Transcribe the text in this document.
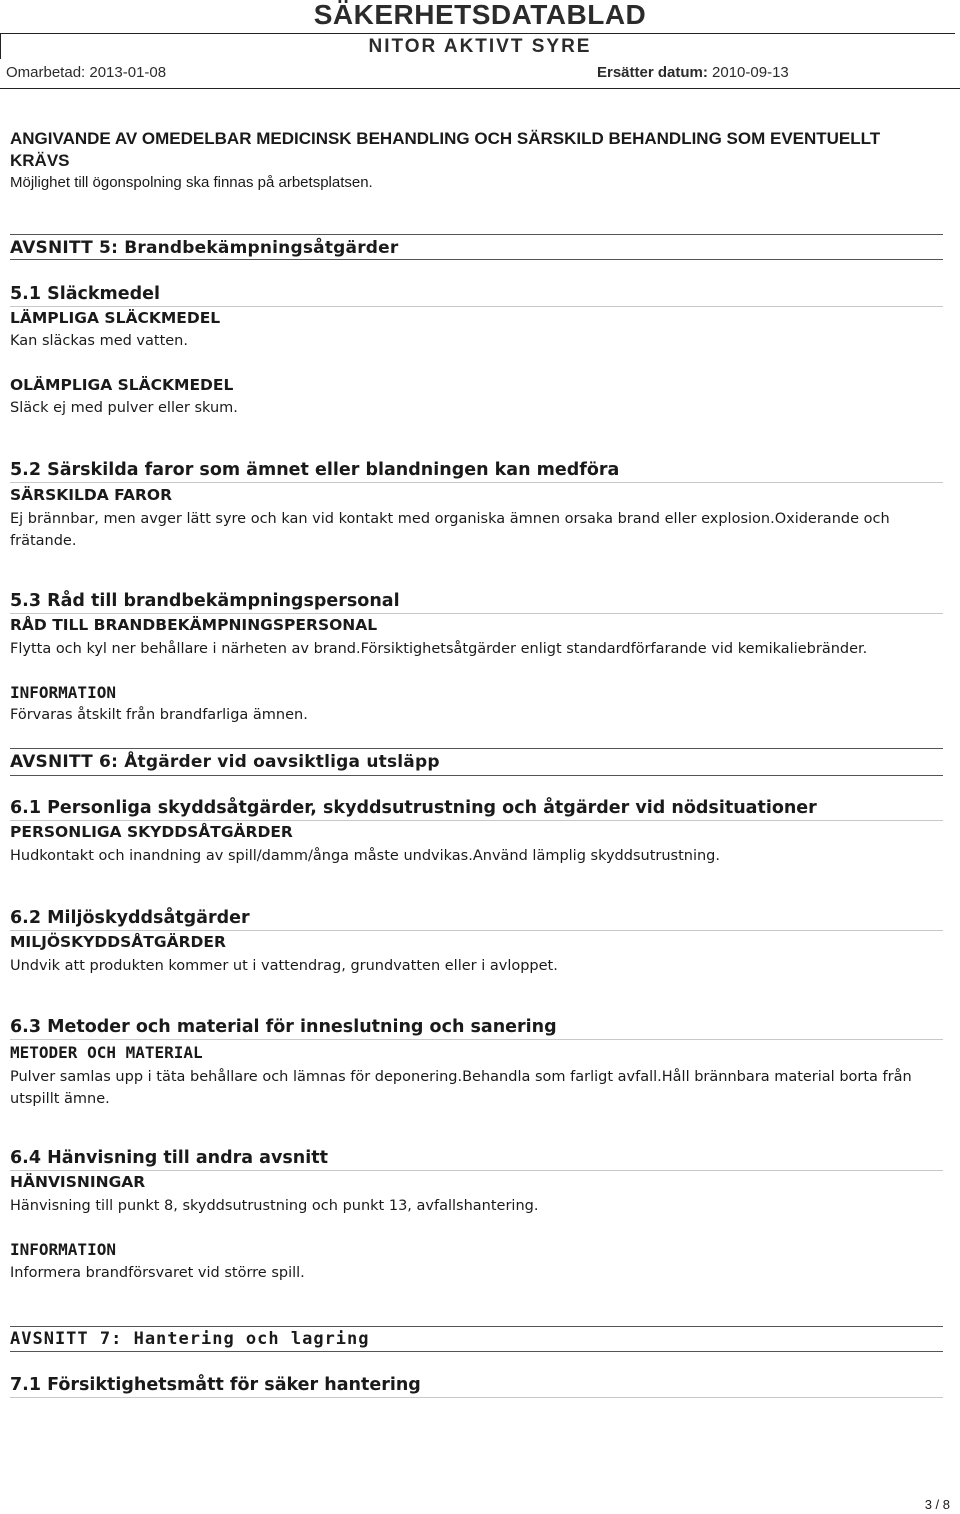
SÄKERHETSDATABLAD
NITOR AKTIVT SYRE
Omarbetad: 2013-01-08	Ersätter datum: 2010-09-13
ANGIVANDE AV OMEDELBAR MEDICINSK BEHANDLING OCH SÄRSKILD BEHANDLING SOM EVENTUELLT KRÄVS
Möjlighet till ögonspolning ska finnas på arbetsplatsen.
AVSNITT 5: Brandbekämpningsåtgärder
5.1 Släckmedel
LÄMPLIGA SLÄCKMEDEL
Kan släckas med vatten.
OLÄMPLIGA SLÄCKMEDEL
Släck ej med pulver eller skum.
5.2 Särskilda faror som ämnet eller blandningen kan medföra
SÄRSKILDA FAROR
Ej brännbar, men avger lätt syre och kan vid kontakt med organiska ämnen orsaka brand eller explosion.Oxiderande och frätande.
5.3 Råd till brandbekämpningspersonal
RÅD TILL BRANDBEKÄMPNINGSPERSONAL
Flytta och kyl ner behållare i närheten av brand.Försiktighetsåtgärder enligt standardförfarande vid kemikaliebränder.
INFORMATION
Förvaras åtskilt från brandfarliga ämnen.
AVSNITT 6: Åtgärder vid oavsiktliga utsläpp
6.1 Personliga skyddsåtgärder, skyddsutrustning och åtgärder vid nödsituationer
PERSONLIGA SKYDDSÅTGÄRDER
Hudkontakt och inandning av spill/damm/ånga måste undvikas.Använd lämplig skyddsutrustning.
6.2 Miljöskyddsåtgärder
MILJÖSKYDDSÅTGÄRDER
Undvik att produkten kommer ut i vattendrag, grundvatten eller i avloppet.
6.3 Metoder och material för inneslutning och sanering
METODER OCH MATERIAL
Pulver samlas upp i täta behållare och lämnas för deponering.Behandla som farligt avfall.Håll brännbara material borta från utspillt ämne.
6.4 Hänvisning till andra avsnitt
HÄNVISNINGAR
Hänvisning till punkt 8, skyddsutrustning och punkt 13, avfallshantering.
INFORMATION
Informera brandförsvaret vid större spill.
AVSNITT 7: Hantering och lagring
7.1 Försiktighetsmått för säker hantering
3 / 8
